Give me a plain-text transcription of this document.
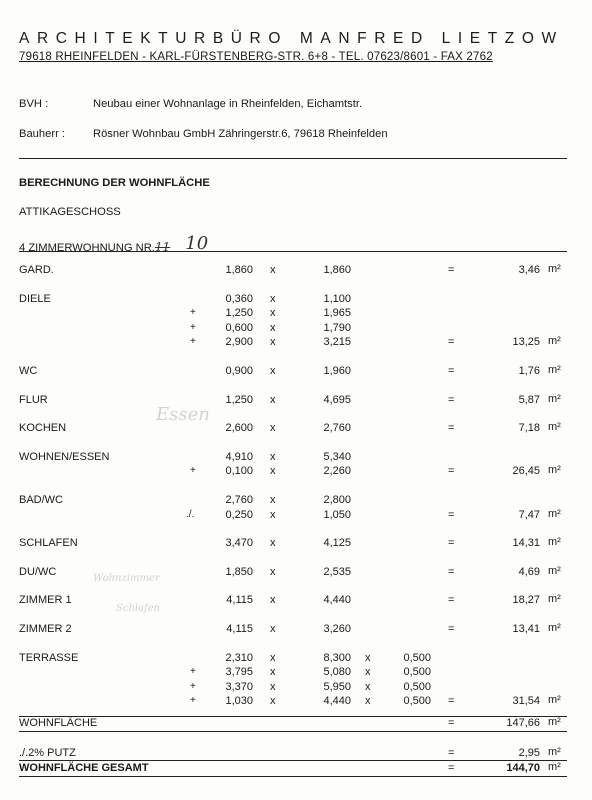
ARCHITEKTURBÜRO MANFRED LIETZOW
79618 RHEINFELDEN - KARL-FÜRSTENBERG-STR. 6+8 - TEL. 07623/8601 - FAX 2762
BVH :	Neubau einer Wohnanlage in Rheinfelden, Eichamtstr.
Bauherr : Rösner Wohnbau GmbH Zähringerstr.6, 79618 Rheinfelden
BERECHNUNG DER WOHNFLÄCHE
ATTIKAGESCHOSS
4 ZIMMERWOHNUNG NR.11 10
GARD.	1,860 x	1,860	=	3,46 m²
DIELE	0,360 x	1,100
+	1,250 x	1,965
+	0,600 x	1,790
+	2,900 x	3,215	=	13,25 m²
WC	0,900 x	1,960	=	1,76 m²
FLUR	1,250 x	4,695	=	5,87 m²
KOCHEN	2,600 x	2,760	=	7,18 m²
WOHNEN/ESSEN	4,910 x	5,340
+	0,100 x	2,260	=	26,45 m²
BAD/WC	2,760 x	2,800
./.	0,250 x	1,050	=	7,47 m²
SCHLAFEN	3,470 x	4,125	=	14,31 m²
DU/WC	1,850 x	2,535	=	4,69 m²
ZIMMER 1	4,115 x	4,440	=	18,27 m²
ZIMMER 2	4,115 x	3,260	=	13,41 m²
TERRASSE	2,310 x	8,300 x	0,500
+	3,795 x	5,080 x	0,500
+	3,370 x	5,950 x	0,500
+	1,030 x	4,440 x	0,500 =	31,54 m²
WOHNFLÄCHE	=	147,66 m²
./.2% PUTZ	=	2,95 m²
WOHNFLÄCHE GESAMT	=	144,70 m²
Essen
Wohnzimmer
Schlafen
